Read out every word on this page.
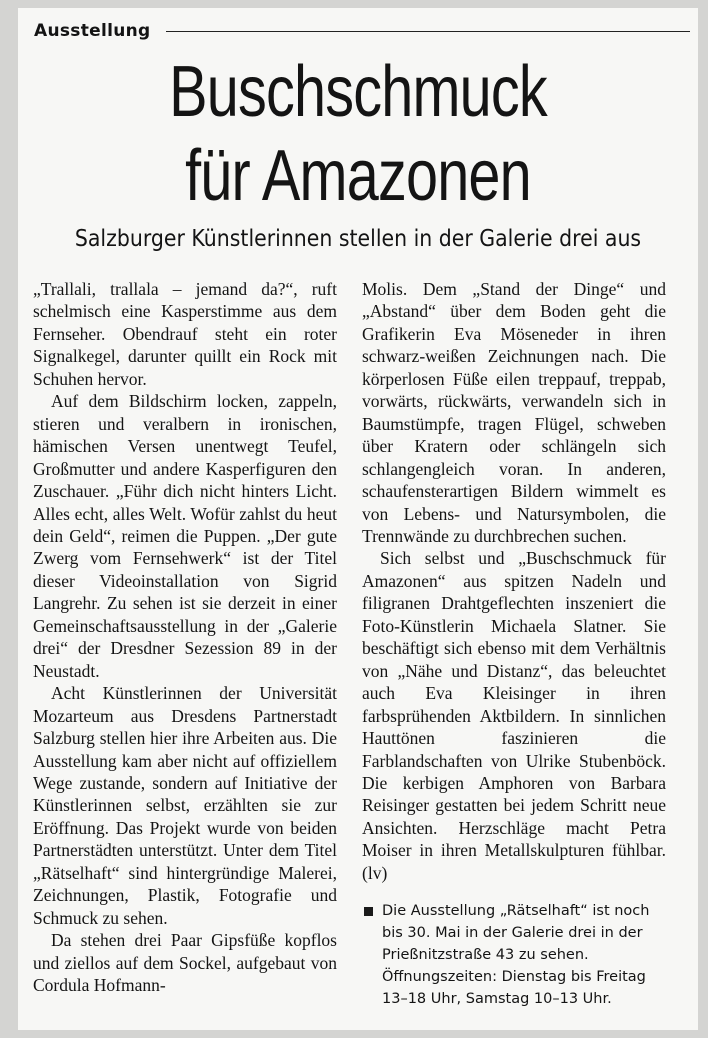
Ausstellung
Buschschmuck
für Amazonen
Salzburger Künstlerinnen stellen in der Galerie drei aus

„Trallali, trallala – jemand da?“, ruft schelmisch eine Kasperstimme aus dem Fernseher. Obendrauf steht ein roter Signalkegel, darunter quillt ein Rock mit Schuhen hervor.

Auf dem Bildschirm locken, zappeln, stieren und veralbern in ironischen, hämischen Versen unentwegt Teufel, Großmutter und andere Kasperfiguren den Zuschauer. „Führ dich nicht hinters Licht. Alles echt, alles Welt. Wofür zahlst du heut dein Geld“, reimen die Puppen. „Der gute Zwerg vom Fernsehwerk“ ist der Titel dieser Videoinstallation von Sigrid Langrehr. Zu sehen ist sie derzeit in einer Gemeinschaftsausstellung in der „Galerie drei“ der Dresdner Sezession 89 in der Neustadt.

Acht Künstlerinnen der Universität Mozarteum aus Dresdens Partnerstadt Salzburg stellen hier ihre Arbeiten aus. Die Ausstellung kam aber nicht auf offiziellem Wege zustande, sondern auf Initiative der Künstlerinnen selbst, erzählten sie zur Eröffnung. Das Projekt wurde von beiden Partnerstädten unterstützt. Unter dem Titel „Rätselhaft“ sind hintergründige Malerei, Zeichnungen, Plastik, Fotografie und Schmuck zu sehen.

Da stehen drei Paar Gipsfüße kopflos und ziellos auf dem Sockel, aufgebaut von Cordula Hofmann-

Molis. Dem „Stand der Dinge“ und „Abstand“ über dem Boden geht die Grafikerin Eva Möseneder in ihren schwarz-weißen Zeichnungen nach. Die körperlosen Füße eilen treppauf, treppab, vorwärts, rückwärts, verwandeln sich in Baumstümpfe, tragen Flügel, schweben über Kratern oder schlängeln sich schlangengleich voran. In anderen, schaufensterartigen Bildern wimmelt es von Lebens- und Natursymbolen, die Trennwände zu durchbrechen suchen.

Sich selbst und „Buschschmuck für Amazonen“ aus spitzen Nadeln und filigranen Drahtgeflechten inszeniert die Foto-Künstlerin Michaela Slatner. Sie beschäftigt sich ebenso mit dem Verhältnis von „Nähe und Distanz“, das beleuchtet auch Eva Kleisinger in ihren farbsprühenden Aktbildern. In sinnlichen Hauttönen faszinieren die Farblandschaften von Ulrike Stubenböck. Die kerbigen Amphoren von Barbara Reisinger gestatten bei jedem Schritt neue Ansichten. Herzschläge macht Petra Moiser in ihren Metallskulpturen fühlbar. (lv)

Die Ausstellung „Rätselhaft“ ist noch bis 30. Mai in der Galerie drei in der Prießnitzstraße 43 zu sehen. Öffnungszeiten: Dienstag bis Freitag 13–18 Uhr, Samstag 10–13 Uhr.
